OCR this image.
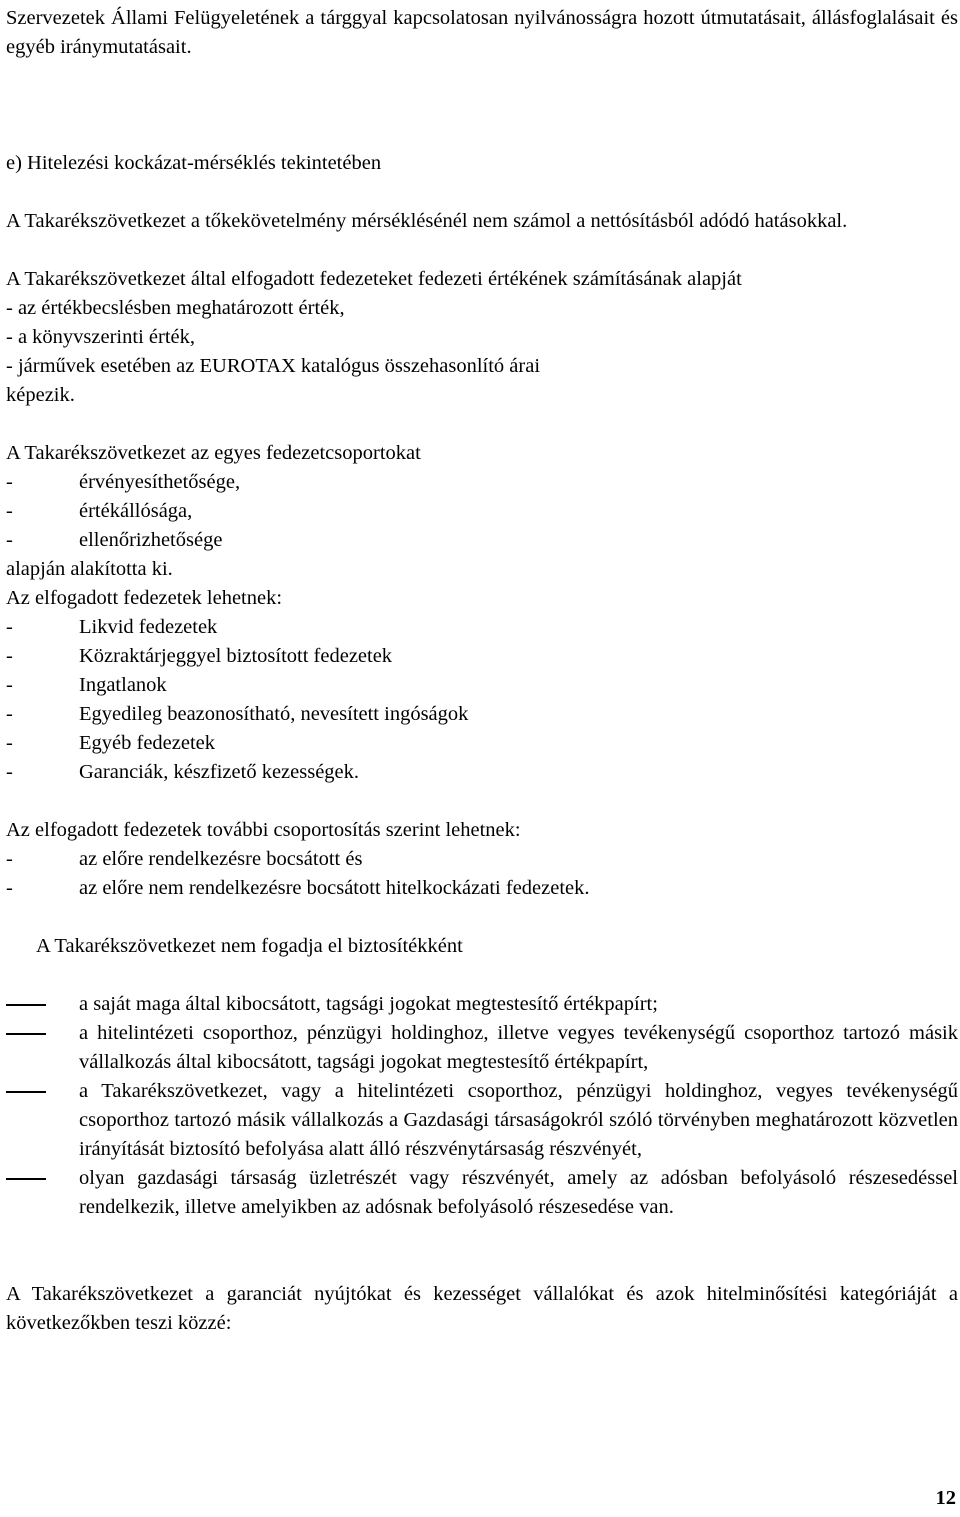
Szervezetek Állami Felügyeletének a tárggyal kapcsolatosan nyilvánosságra hozott útmutatásait, állásfoglalásait és egyéb iránymutatásait.

e) Hitelezési kockázat-mérséklés tekintetében

A Takarékszövetkezet a tőkekövetelmény mérséklésénél nem számol a nettósításból adódó hatásokkal.

A Takarékszövetkezet által elfogadott fedezeteket fedezeti értékének számításának alapját

- az értékbecslésben meghatározott érték,
- a könyvszerinti érték,
- járművek esetében az EUROTAX katalógus összehasonlító árai

képezik.

A Takarékszövetkezet az egyes fedezetcsoportokat

-	érvényesíthetősége,
-	értékállósága,
-	ellenőrizhetősége

alapján alakította ki.

Az elfogadott fedezetek lehetnek:

-	Likvid fedezetek
-	Közraktárjeggyel biztosított fedezetek
-	Ingatlanok
-	Egyedileg beazonosítható, nevesített ingóságok
-	Egyéb fedezetek
-	Garanciák, készfizető kezességek.

Az elfogadott fedezetek további csoportosítás szerint lehetnek:

-	az előre rendelkezésre bocsátott és
-	az előre nem rendelkezésre bocsátott hitelkockázati fedezetek.

A Takarékszövetkezet nem fogadja el biztosítékként

a saját maga által kibocsátott, tagsági jogokat megtestesítő értékpapírt;
a hitelintézeti csoporthoz, pénzügyi holdinghoz, illetve vegyes tevékenységű csoporthoz tartozó másik vállalkozás által kibocsátott, tagsági jogokat megtestesítő értékpapírt,
a Takarékszövetkezet, vagy a hitelintézeti csoporthoz, pénzügyi holdinghoz, vegyes tevékenységű csoporthoz tartozó másik vállalkozás a Gazdasági társaságokról szóló törvényben meghatározott közvetlen irányítását biztosító befolyása alatt álló részvénytársaság részvényét,
olyan gazdasági társaság üzletrészét vagy részvényét, amely az adósban befolyásoló részesedéssel rendelkezik, illetve amelyikben az adósnak befolyásoló részesedése van.

A Takarékszövetkezet a garanciát nyújtókat és kezességet vállalókat és azok hitelminősítési kategóriáját a következőkben teszi közzé:

12
